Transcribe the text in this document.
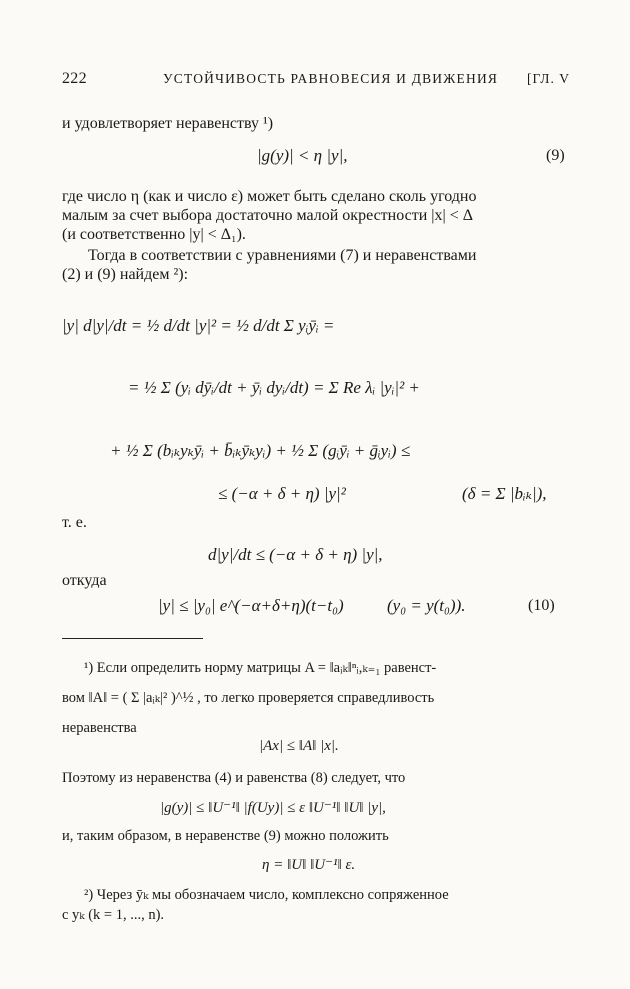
222	УСТОЙЧИВОСТЬ РАВНОВЕСИЯ И ДВИЖЕНИЯ [ГЛ. V
и удовлетворяет неравенству ¹)
|g(y)| < η |y|,	(9)
где число η (как и число ε) может быть сделано сколь угодно
малым за счет выбора достаточно малой окрестности |x| < Δ
(и соответственно |y| < Δ₁).
Тогда в соответствии с уравнениями (7) и неравенствами
(2) и (9) найдем ²):
|y| d|y|/dt = ½ d/dt |y|² = ½ d/dt Σ yᵢȳᵢ =
= ½ Σ (yᵢ dȳᵢ/dt + ȳᵢ dyᵢ/dt) = Σ Re λᵢ |yᵢ|² +
+ ½ Σ (bᵢₖyₖȳᵢ + b̄ᵢₖȳₖyᵢ) + ½ Σ (gᵢȳᵢ + ḡᵢyᵢ) ≤
≤ (−α + δ + η) |y|²	(δ = Σ |bᵢₖ|),
т. е.
d|y|/dt ≤ (−α + δ + η) |y|,
откуда
|y| ≤ |y₀| e^(−α+δ+η)(t−t₀)	(y₀ = y(t₀)).	(10)
¹) Если определить норму матрицы A = ‖aᵢₖ‖ⁿᵢ,ₖ₌₁ равенст-
вом ‖A‖ = ( Σ |aᵢₖ|² )^½ , то легко проверяется справедливость
неравенства
|Ax| ≤ ‖A‖ |x|.
Поэтому из неравенства (4) и равенства (8) следует, что
|g(y)| ≤ ‖U⁻¹‖ |f(Uy)| ≤ ε ‖U⁻¹‖ ‖U‖ |y|,
и, таким образом, в неравенстве (9) можно положить
η = ‖U‖ ‖U⁻¹‖ ε.
²) Через ȳₖ мы обозначаем число, комплексно сопряженное
с yₖ (k = 1, ..., n).
